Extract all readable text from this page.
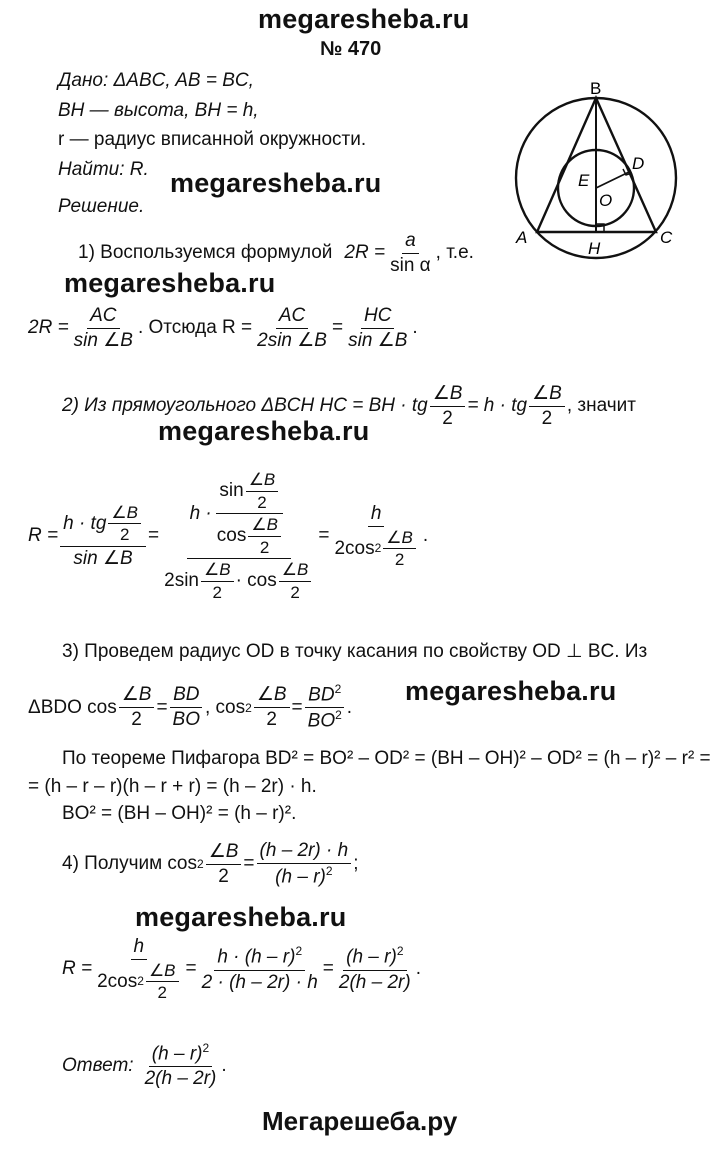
megaresheba.ru
№ 470
Дано: ΔABC, AB = BC,
BH — высота, BH = h,
r — радиус вписанной окружности.
Найти: R.
Решение.
megaresheba.ru
megaresheba.ru
megaresheba.ru
megaresheba.ru
megaresheba.ru
B
A	C
H
D
E
O
1) Воспользуемся формулой $2R = \frac{a}{\text{sin α}}$ , т.е.
$2R = \frac{AC}{\sin \angle B}$ . Отсюда $R = \frac{AC}{2\sin \angle B} = \frac{HC}{\sin \angle B}$ .
2) Из прямоугольного ΔBCH HC = BH · tg $\frac{\angle B}{2} = h$ · tg $\frac{\angle B}{2}$ , значит
$R = \frac{h \cdot tg \frac{\angle B}{2}}{\sin \angle B} = \frac{h \cdot \frac{\sin \frac{\angle B}{2}}{\cos \frac{\angle B}{2}}}{2\sin \frac{\angle B}{2} \cdot \cos \frac{\angle B}{2}} = \frac{h}{2\cos 2 \frac{\angle B}{2}}$ .
3) Проведем радиус OD в точку касания по свойству OD ⊥ BC. Из
ΔBDO $\cos \frac{\angle B}{2} = \frac{BD}{BO}$ , $\cos 2 \frac{\angle B}{2} = \frac{BD^2}{BO^2}$ .
По теореме Пифагора BD² = BO² – OD² = (BH – OH)² – OD² = (h – r)² – r² =
= (h – r – r)(h – r + r) = (h – 2r) · h.
BO² = (BH – OH)² = (h – r)².
4) Получим $\cos 2 \frac{\angle B}{2} = \frac{(h - 2r) \cdot h}{(h - r)^2}$ ;
$R = \frac{h}{2\cos 2 \frac{\angle B}{2}} = \frac{h \cdot (h - r)^2}{2 \cdot (h - 2r) \cdot h} = \frac{(h - r)^2}{2(h - 2r)}$ .
Ответ: $\frac{(h - r)^2}{2(h - 2r)}$ .
Мегарешеба.ру
